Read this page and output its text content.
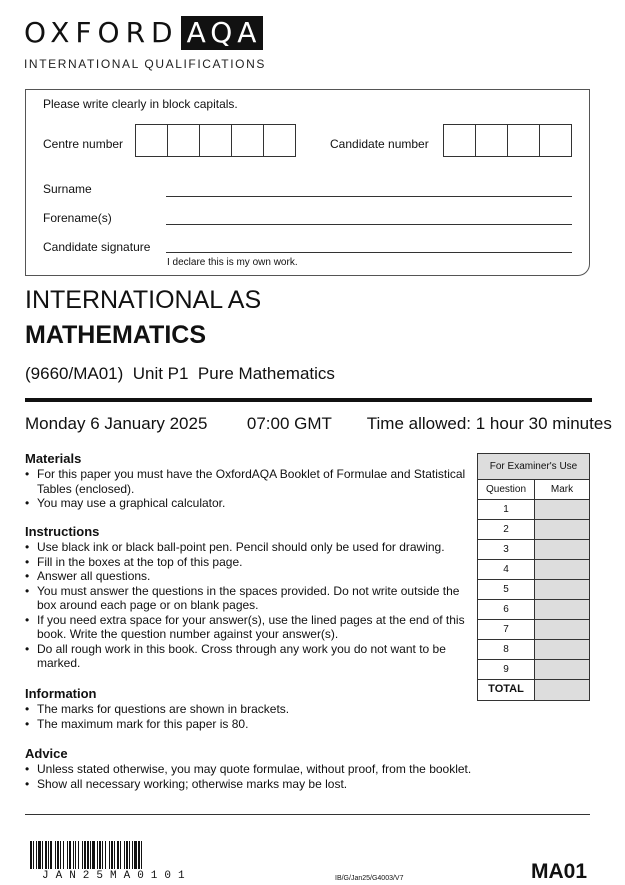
OXFORD AQA
INTERNATIONAL QUALIFICATIONS
Please write clearly in block capitals.
Centre number	Candidate number
Surname
Forename(s)
Candidate signature
I declare this is my own work.
INTERNATIONAL AS
MATHEMATICS
(9660/MA01)  Unit P1  Pure Mathematics
Monday 6 January 2025 07:00 GMT Time allowed: 1 hour 30 minutes
Materials
• For this paper you must have the OxfordAQA Booklet of Formulae and Statistical Tables (enclosed).
• You may use a graphical calculator.
Instructions
• Use black ink or black ball-point pen. Pencil should only be used for drawing.
• Fill in the boxes at the top of this page.
• Answer all questions.
• You must answer the questions in the spaces provided. Do not write outside the box around each page or on blank pages.
• If you need extra space for your answer(s), use the lined pages at the end of this book. Write the question number against your answer(s).
• Do all rough work in this book. Cross through any work you do not want to be marked.
Information
• The marks for questions are shown in brackets.
• The maximum mark for this paper is 80.
Advice
• Unless stated otherwise, you may quote formulae, without proof, from the booklet.
• Show all necessary working; otherwise marks may be lost.
For Examiner's Use
Question	Mark
1
2
3
4
5
6
7
8
9
TOTAL
JAN25MA0101	IB/G/Jan25/G4003/V7	MA01
